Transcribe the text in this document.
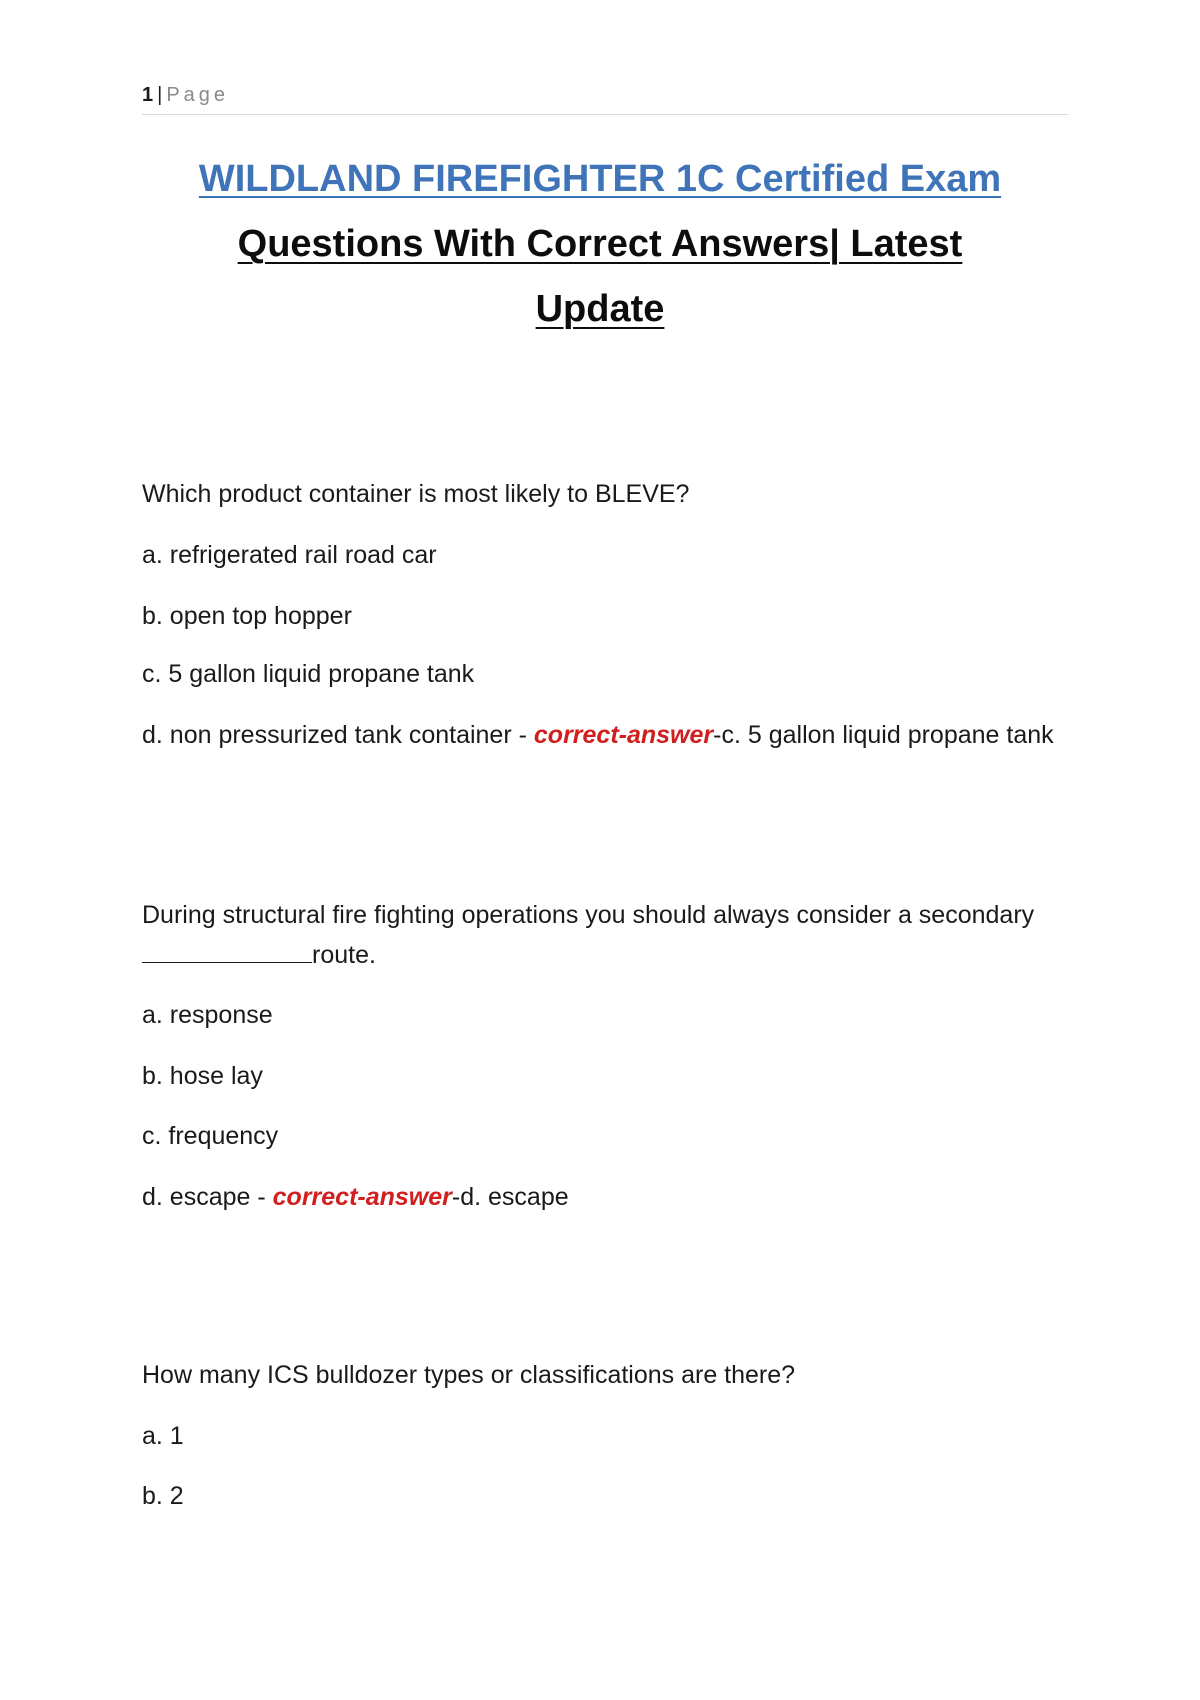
1 | Page
WILDLAND FIREFIGHTER 1C Certified Exam
Questions With Correct Answers| Latest
Update
Which product container is most likely to BLEVE?
a. refrigerated rail road car
b. open top hopper
c. 5 gallon liquid propane tank
d. non pressurized tank container - correct-answer-c. 5 gallon liquid propane tank
During structural fire fighting operations you should always consider a secondary
route.
a. response
b. hose lay
c. frequency
d. escape - correct-answer-d. escape
How many ICS bulldozer types or classifications are there?
a. 1
b. 2
